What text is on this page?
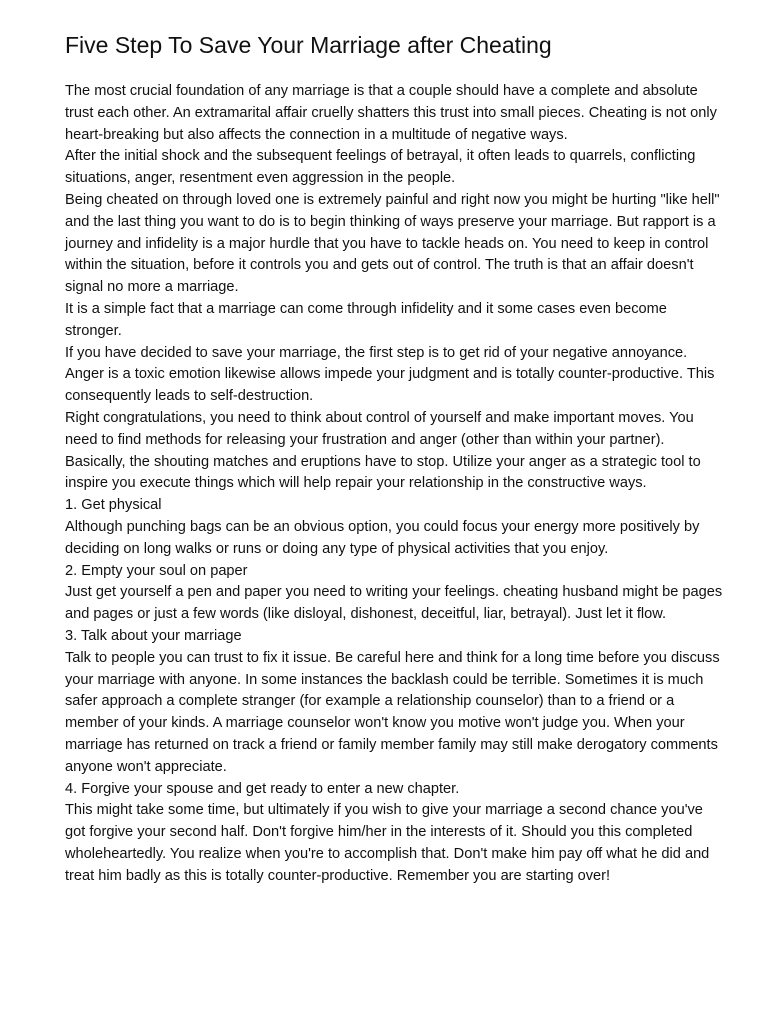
Five Step To Save Your Marriage after Cheating

The most crucial foundation of any marriage is that a couple should have a complete and absolute trust each other. An extramarital affair cruelly shatters this trust into small pieces. Cheating is not only heart-breaking but also affects the connection in a multitude of negative ways.

After the initial shock and the subsequent feelings of betrayal, it often leads to quarrels, conflicting situations, anger, resentment even aggression in the people.

Being cheated on through loved one is extremely painful and right now you might be hurting "like hell" and the last thing you want to do is to begin thinking of ways preserve your marriage. But rapport is a journey and infidelity is a major hurdle that you have to tackle heads on. You need to keep in control within the situation, before it controls you and gets out of control. The truth is that an affair doesn't signal no more a marriage.

It is a simple fact that a marriage can come through infidelity and it some cases even become stronger.

If you have decided to save your marriage, the first step is to get rid of your negative annoyance. Anger is a toxic emotion likewise allows impede your judgment and is totally counter-productive. This consequently leads to self-destruction.

Right congratulations, you need to think about control of yourself and make important moves. You need to find methods for releasing your frustration and anger (other than within your partner). Basically, the shouting matches and eruptions have to stop. Utilize your anger as a strategic tool to inspire you execute things which will help repair your relationship in the constructive ways.

1. Get physical

Although punching bags can be an obvious option, you could focus your energy more positively by deciding on long walks or runs or doing any type of physical activities that you enjoy.

2. Empty your soul on paper

Just get yourself a pen and paper you need to writing your feelings. cheating husband might be pages and pages or just a few words (like disloyal, dishonest, deceitful, liar, betrayal). Just let it flow.

3. Talk about your marriage

Talk to people you can trust to fix it issue. Be careful here and think for a long time before you discuss your marriage with anyone. In some instances the backlash could be terrible. Sometimes it is much safer approach a complete stranger (for example a relationship counselor) than to a friend or a member of your kinds. A marriage counselor won't know you motive won't judge you. When your marriage has returned on track a friend or family member family may still make derogatory comments anyone won't appreciate.

4. Forgive your spouse and get ready to enter a new chapter.

This might take some time, but ultimately if you wish to give your marriage a second chance you've got forgive your second half. Don't forgive him/her in the interests of it. Should you this completed wholeheartedly. You realize when you're to accomplish that. Don't make him pay off what he did and treat him badly as this is totally counter-productive. Remember you are starting over!
